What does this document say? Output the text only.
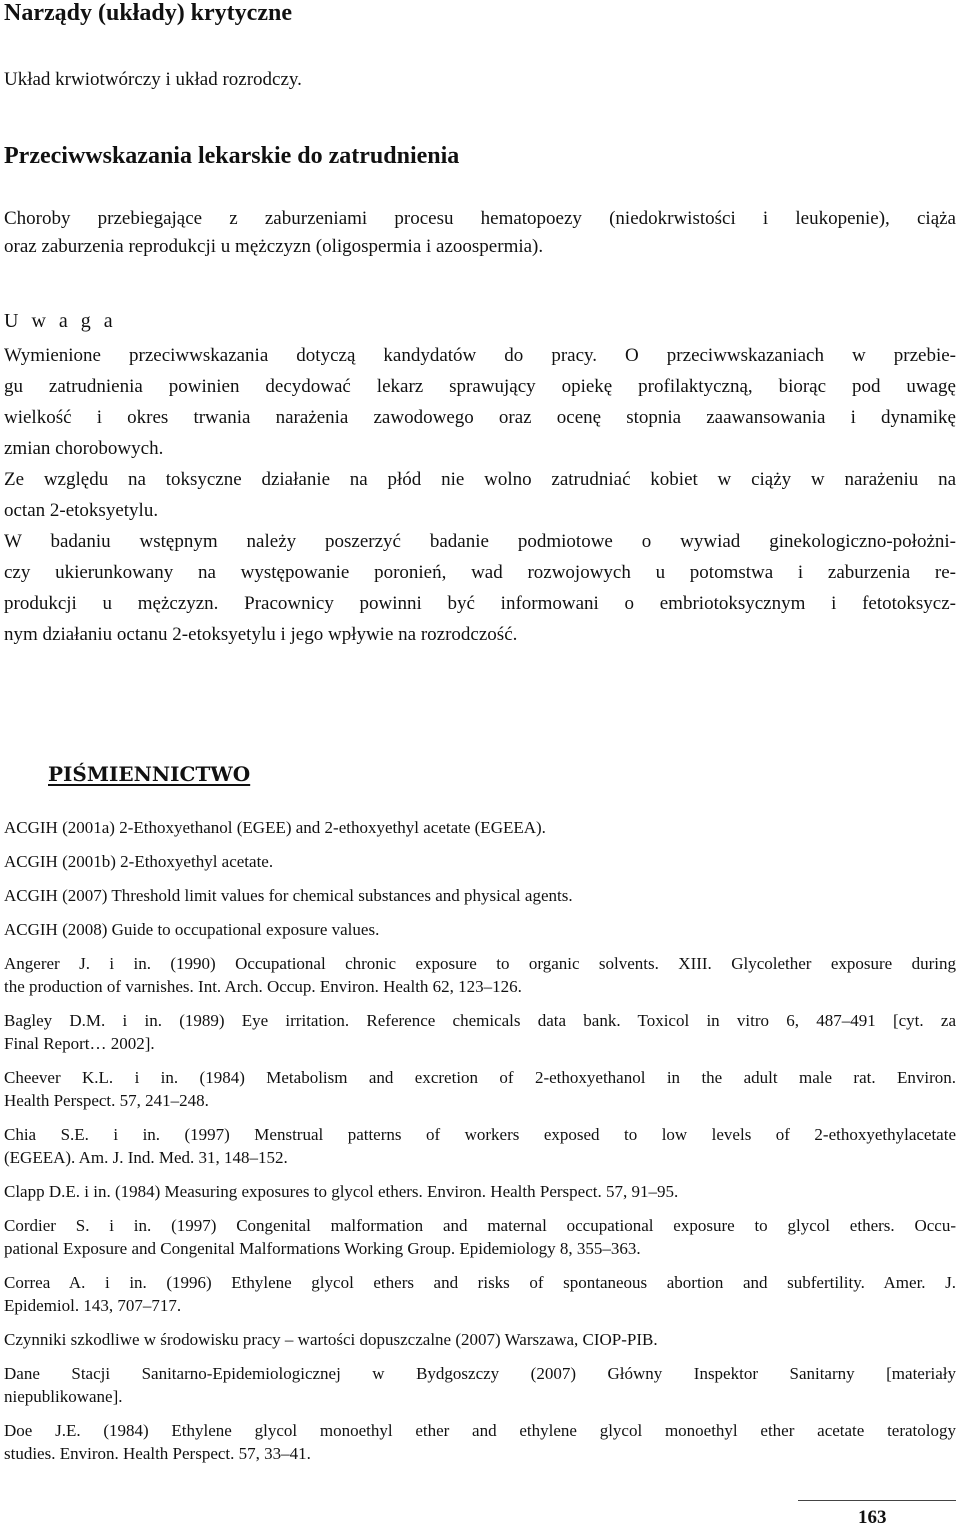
Narządy (układy) krytyczne

Układ krwiotwórczy i układ rozrodczy.

Przeciwwskazania lekarskie do zatrudnienia
Choroby przebiegające z zaburzeniami procesu hematopoezy (niedokrwistości i leukopenie), ciąża
oraz zaburzenia reprodukcji u mężczyzn (oligospermia i azoospermia).

U w a g a

Wymienione przeciwwskazania dotyczą kandydatów do pracy. O przeciwwskazaniach w przebie-
gu zatrudnienia powinien decydować lekarz sprawujący opiekę profilaktyczną, biorąc pod uwagę
wielkość i okres trwania narażenia zawodowego oraz ocenę stopnia zaawansowania i dynamikę
zmian chorobowych.
Ze względu na toksyczne działanie na płód nie wolno zatrudniać kobiet w ciąży w narażeniu na
octan 2-etoksyetylu.
W badaniu wstępnym należy poszerzyć badanie podmiotowe o wywiad ginekologiczno-położni-
czy ukierunkowany na występowanie poronień, wad rozwojowych u potomstwa i zaburzenia re-
produkcji u mężczyzn. Pracownicy powinni być informowani o embriotoksycznym i fetotoksycz-
nym działaniu octanu 2-etoksyetylu i jego wpływie na rozrodczość.
PIŚMIENNICTWO
ACGIH (2001a) 2-Ethoxyethanol (EGEE) and 2-ethoxyethyl acetate (EGEEA).
ACGIH (2001b) 2-Ethoxyethyl acetate.
ACGIH (2007) Threshold limit values for chemical substances and physical agents.
ACGIH (2008) Guide to occupational exposure values.
Angerer J. i in. (1990) Occupational chronic exposure to organic solvents. XIII. Glycolether exposure during
the production of varnishes. Int. Arch. Occup. Environ. Health 62, 123–126.
Bagley D.M. i in. (1989) Eye irritation. Reference chemicals data bank. Toxicol in vitro 6, 487–491 [cyt. za
Final Report… 2002].
Cheever K.L. i in. (1984) Metabolism and excretion of 2-ethoxyethanol in the adult male rat. Environ.
Health Perspect. 57, 241–248.
Chia S.E. i in. (1997) Menstrual patterns of workers exposed to low levels of 2-ethoxyethylacetate
(EGEEA). Am. J. Ind. Med. 31, 148–152.
Clapp D.E. i in. (1984) Measuring exposures to glycol ethers. Environ. Health Perspect. 57, 91–95.
Cordier S. i in. (1997) Congenital malformation and maternal occupational exposure to glycol ethers. Occu-
pational Exposure and Congenital Malformations Working Group. Epidemiology 8, 355–363.
Correa A. i in. (1996) Ethylene glycol ethers and risks of spontaneous abortion and subfertility. Amer. J.
Epidemiol. 143, 707–717.
Czynniki szkodliwe w środowisku pracy – wartości dopuszczalne (2007) Warszawa, CIOP-PIB.
Dane Stacji Sanitarno-Epidemiologicznej w Bydgoszczy (2007) Główny Inspektor Sanitarny [materiały
niepublikowane].
Doe J.E. (1984) Ethylene glycol monoethyl ether and ethylene glycol monoethyl ether acetate teratology
studies. Environ. Health Perspect. 57, 33–41.

163
